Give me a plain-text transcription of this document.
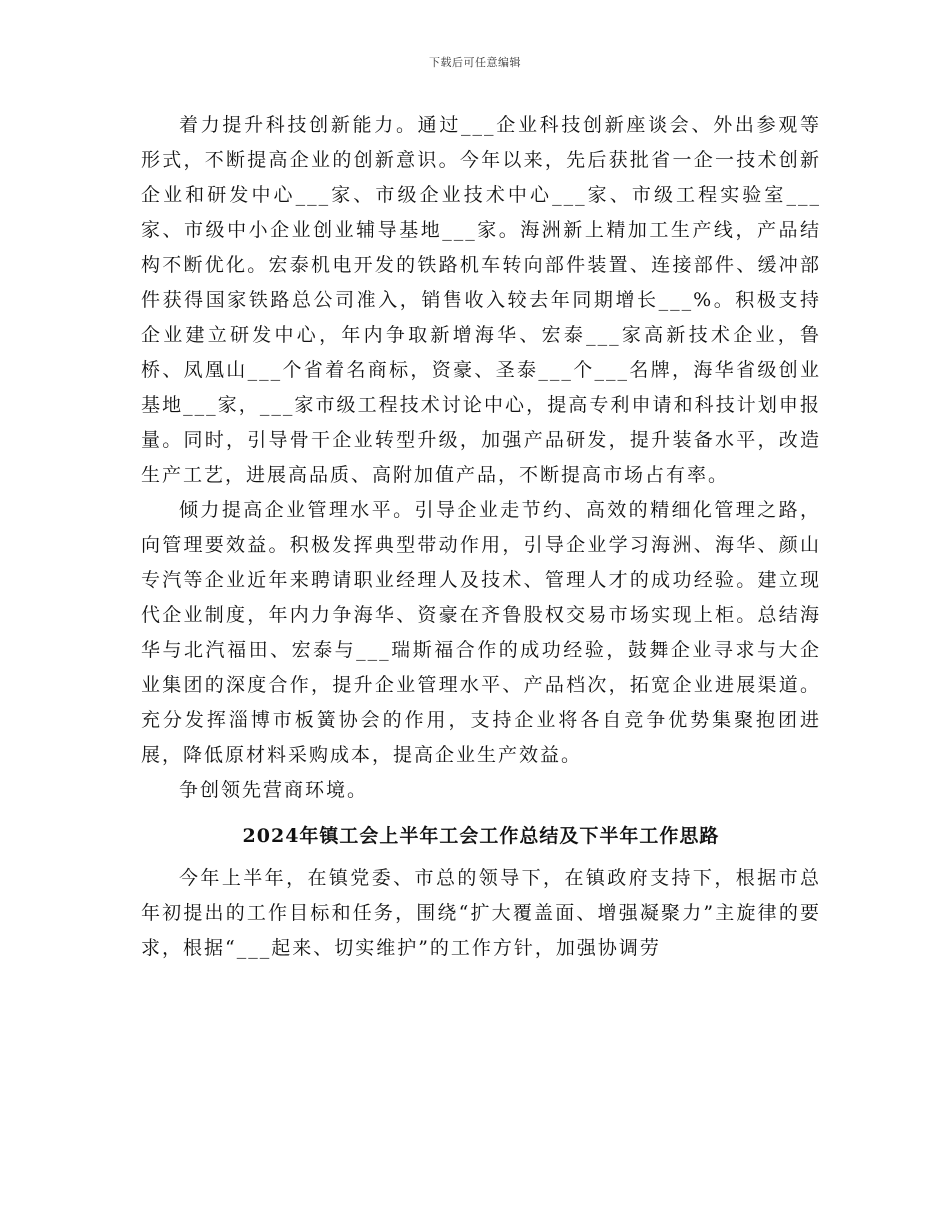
下载后可任意编辑

着力提升科技创新能力。通过___企业科技创新座谈会、外出参观等形式，不断提高企业的创新意识。今年以来，先后获批省一企一技术创新企业和研发中心___家、市级企业技术中心___家、市级工程实验室___家、市级中小企业创业辅导基地___家。海洲新上精加工生产线，产品结构不断优化。宏泰机电开发的铁路机车转向部件装置、连接部件、缓冲部件获得国家铁路总公司准入，销售收入较去年同期增长___%。积极支持企业建立研发中心，年内争取新增海华、宏泰___家高新技术企业，鲁桥、凤凰山___个省着名商标，资豪、圣泰___个___名牌，海华省级创业基地___家，___家市级工程技术讨论中心，提高专利申请和科技计划申报量。同时，引导骨干企业转型升级，加强产品研发，提升装备水平，改造生产工艺，进展高品质、高附加值产品，不断提高市场占有率。

倾力提高企业管理水平。引导企业走节约、高效的精细化管理之路，向管理要效益。积极发挥典型带动作用，引导企业学习海洲、海华、颜山专汽等企业近年来聘请职业经理人及技术、管理人才的成功经验。建立现代企业制度，年内力争海华、资豪在齐鲁股权交易市场实现上柜。总结海华与北汽福田、宏泰与___瑞斯福合作的成功经验，鼓舞企业寻求与大企业集团的深度合作，提升企业管理水平、产品档次，拓宽企业进展渠道。充分发挥淄博市板簧协会的作用，支持企业将各自竞争优势集聚抱团进展，降低原材料采购成本，提高企业生产效益。

争创领先营商环境。

2024年镇工会上半年工会工作总结及下半年工作思路

今年上半年，在镇党委、市总的领导下，在镇政府支持下，根据市总年初提出的工作目标和任务，围绕“扩大覆盖面、增强凝聚力”主旋律的要求，根据“___起来、切实维护”的工作方针，加强协调劳
